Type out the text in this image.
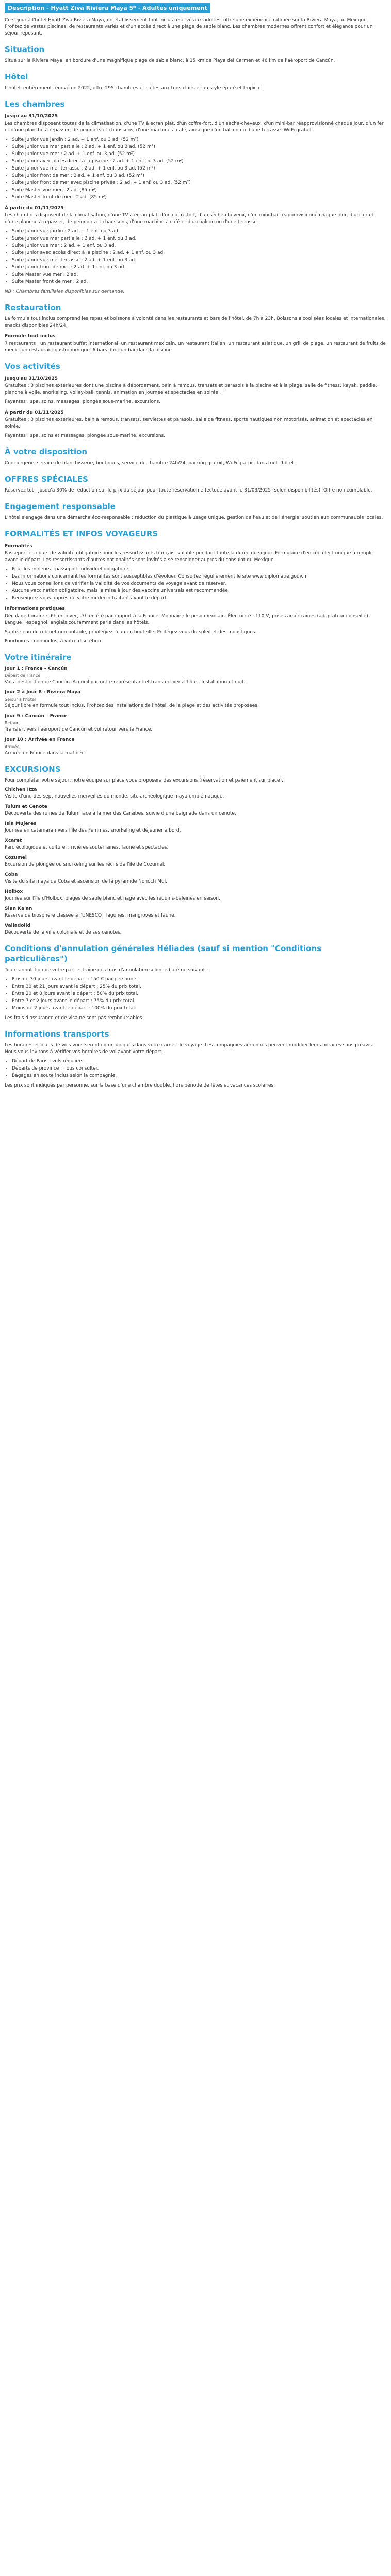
Description - Hyatt Ziva Riviera Maya 5* - Adultes uniquement

Ce séjour à l'hôtel Hyatt Ziva Riviera Maya, un établissement tout inclus réservé aux adultes, offre une expérience raffinée sur la Riviera Maya, au Mexique. Profitez de vastes piscines, de restaurants variés et d'un accès direct à une plage de sable blanc. Les chambres modernes offrent confort et élégance pour un séjour reposant.

Situation

Situé sur la Riviera Maya, en bordure d'une magnifique plage de sable blanc, à 15 km de Playa del Carmen et 46 km de l'aéroport de Cancún.

Hôtel

L'hôtel, entièrement rénové en 2022, offre 295 chambres et suites aux tons clairs et au style épuré et tropical.

Les chambres
Jusqu'au 31/10/2025

Les chambres disposent toutes de la climatisation, d'une TV à écran plat, d'un coffre-fort, d'un sèche-cheveux, d'un mini-bar réapprovisionné chaque jour, d'un fer et d'une planche à repasser, de peignoirs et chaussons, d'une machine à café, ainsi que d'un balcon ou d'une terrasse. Wi-Fi gratuit.

• Suite Junior vue jardin : 2 ad. + 1 enf. ou 3 ad. (52 m²)
• Suite Junior vue mer partielle : 2 ad. + 1 enf. ou 3 ad. (52 m²)
• Suite Junior vue mer : 2 ad. + 1 enf. ou 3 ad. (52 m²)
• Suite Junior avec accès direct à la piscine : 2 ad. + 1 enf. ou 3 ad. (52 m²)
• Suite Junior vue mer terrasse : 2 ad. + 1 enf. ou 3 ad. (52 m²)
• Suite Junior front de mer : 2 ad. + 1 enf. ou 3 ad. (52 m²)
• Suite Junior front de mer avec piscine privée : 2 ad. + 1 enf. ou 3 ad. (52 m²)
• Suite Master vue mer : 2 ad. (85 m²)
• Suite Master front de mer : 2 ad. (85 m²)
À partir du 01/11/2025

Les chambres disposent de la climatisation, d'une TV à écran plat, d'un coffre-fort, d'un sèche-cheveux, d'un mini-bar réapprovisionné chaque jour, d'un fer et d'une planche à repasser, de peignoirs et chaussons, d'une machine à café et d'un balcon ou d'une terrasse.

• Suite Junior vue jardin : 2 ad. + 1 enf. ou 3 ad.
• Suite Junior vue mer partielle : 2 ad. + 1 enf. ou 3 ad.
• Suite Junior vue mer : 2 ad. + 1 enf. ou 3 ad.
• Suite Junior avec accès direct à la piscine : 2 ad. + 1 enf. ou 3 ad.
• Suite Junior vue mer terrasse : 2 ad. + 1 enf. ou 3 ad.
• Suite Junior front de mer : 2 ad. + 1 enf. ou 3 ad.
• Suite Master vue mer : 2 ad.
• Suite Master front de mer : 2 ad.

NB : Chambres familiales disponibles sur demande.

Restauration

La formule tout inclus comprend les repas et boissons à volonté dans les restaurants et bars de l'hôtel, de 7h à 23h. Boissons alcoolisées locales et internationales, snacks disponibles 24h/24.

Formule tout inclus

7 restaurants : un restaurant buffet international, un restaurant mexicain, un restaurant italien, un restaurant asiatique, un grill de plage, un restaurant de fruits de mer et un restaurant gastronomique. 6 bars dont un bar dans la piscine.

Vos activités
Jusqu'au 31/10/2025

Gratuites : 3 piscines extérieures dont une piscine à débordement, bain à remous, transats et parasols à la piscine et à la plage, salle de fitness, kayak, paddle, planche à voile, snorkeling, volley-ball, tennis, animation en journée et spectacles en soirée.

Payantes : spa, soins, massages, plongée sous-marine, excursions.

À partir du 01/11/2025

Gratuites : 3 piscines extérieures, bain à remous, transats, serviettes et parasols, salle de fitness, sports nautiques non motorisés, animation et spectacles en soirée.

Payantes : spa, soins et massages, plongée sous-marine, excursions.

À votre disposition

Conciergerie, service de blanchisserie, boutiques, service de chambre 24h/24, parking gratuit, Wi-Fi gratuit dans tout l'hôtel.

OFFRES SPÉCIALES

Réservez tôt : jusqu'à 30% de réduction sur le prix du séjour pour toute réservation effectuée avant le 31/03/2025 (selon disponibilités). Offre non cumulable.

Engagement responsable

L'hôtel s'engage dans une démarche éco-responsable : réduction du plastique à usage unique, gestion de l'eau et de l'énergie, soutien aux communautés locales.

FORMALITÉS ET INFOS VOYAGEURS
Formalités

Passeport en cours de validité obligatoire pour les ressortissants français, valable pendant toute la durée du séjour. Formulaire d'entrée électronique à remplir avant le départ. Les ressortissants d'autres nationalités sont invités à se renseigner auprès du consulat du Mexique.

• Pour les mineurs : passeport individuel obligatoire.
• Les informations concernant les formalités sont susceptibles d'évoluer. Consultez régulièrement le site www.diplomatie.gouv.fr.
• Nous vous conseillons de vérifier la validité de vos documents de voyage avant de réserver.
• Aucune vaccination obligatoire, mais la mise à jour des vaccins universels est recommandée.
• Renseignez-vous auprès de votre médecin traitant avant le départ.
Informations pratiques

Décalage horaire : -6h en hiver, -7h en été par rapport à la France. Monnaie : le peso mexicain. Électricité : 110 V, prises américaines (adaptateur conseillé). Langue : espagnol, anglais couramment parlé dans les hôtels.

Santé : eau du robinet non potable, privilégiez l'eau en bouteille. Protégez-vous du soleil et des moustiques.

Pourboires : non inclus, à votre discrétion.

Votre itinéraire
Jour 1 : France – Cancún
Départ de France
Vol à destination de Cancún. Accueil par notre représentant et transfert vers l'hôtel. Installation et nuit.
Jour 2 à Jour 8 : Riviera Maya
Séjour à l'hôtel
Séjour libre en formule tout inclus. Profitez des installations de l'hôtel, de la plage et des activités proposées.
Jour 9 : Cancún – France
Retour
Transfert vers l'aéroport de Cancún et vol retour vers la France.
Jour 10 : Arrivée en France
Arrivée
Arrivée en France dans la matinée.
EXCURSIONS

Pour compléter votre séjour, notre équipe sur place vous proposera des excursions (réservation et paiement sur place).

Chichen Itza
Visite d'une des sept nouvelles merveilles du monde, site archéologique maya emblématique.
Tulum et Cenote
Découverte des ruines de Tulum face à la mer des Caraïbes, suivie d'une baignade dans un cenote.
Isla Mujeres
Journée en catamaran vers l'île des Femmes, snorkeling et déjeuner à bord.
Xcaret
Parc écologique et culturel : rivières souterraines, faune et spectacles.
Cozumel
Excursion de plongée ou snorkeling sur les récifs de l'île de Cozumel.
Coba
Visite du site maya de Coba et ascension de la pyramide Nohoch Mul.
Holbox
Journée sur l'île d'Holbox, plages de sable blanc et nage avec les requins-baleines en saison.
Sian Ka'an
Réserve de biosphère classée à l'UNESCO : lagunes, mangroves et faune.
Valladolid
Découverte de la ville coloniale et de ses cenotes.
Conditions d'annulation générales Héliades (sauf si mention "Conditions particulières")

Toute annulation de votre part entraîne des frais d'annulation selon le barème suivant :

• Plus de 30 jours avant le départ : 150 € par personne.
• Entre 30 et 21 jours avant le départ : 25% du prix total.
• Entre 20 et 8 jours avant le départ : 50% du prix total.
• Entre 7 et 2 jours avant le départ : 75% du prix total.
• Moins de 2 jours avant le départ : 100% du prix total.

Les frais d'assurance et de visa ne sont pas remboursables.

Informations transports

Les horaires et plans de vols vous seront communiqués dans votre carnet de voyage. Les compagnies aériennes peuvent modifier leurs horaires sans préavis. Nous vous invitons à vérifier vos horaires de vol avant votre départ.

• Départ de Paris : vols réguliers.
• Départs de province : nous consulter.
• Bagages en soute inclus selon la compagnie.

Les prix sont indiqués par personne, sur la base d'une chambre double, hors période de fêtes et vacances scolaires.
